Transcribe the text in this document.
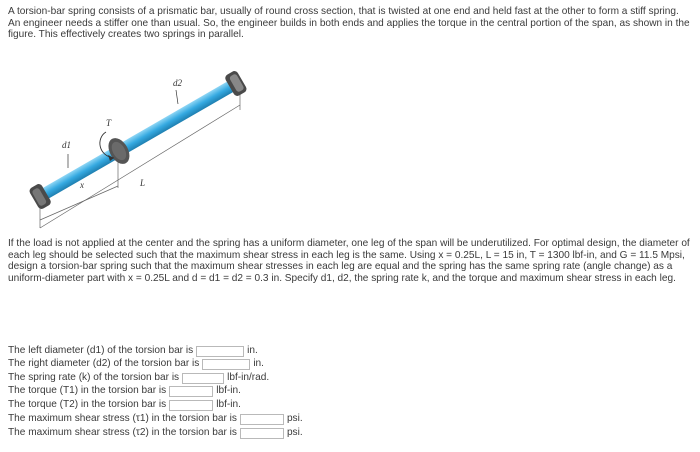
A torsion-bar spring consists of a prismatic bar, usually of round cross section, that is twisted at one end and held fast at the other to form a stiff spring. An engineer needs a stiffer one than usual. So, the engineer builds in both ends and applies the torque in the central portion of the span, as shown in the figure. This effectively creates two springs in parallel.

d2
d1
T
x	L

If the load is not applied at the center and the spring has a uniform diameter, one leg of the span will be underutilized. For optimal design, the diameter of each leg should be selected such that the maximum shear stress in each leg is the same. Using x = 0.25L, L = 15 in, T = 1300 lbf-in, and G = 11.5 Mpsi, design a torsion-bar spring such that the maximum shear stresses in each leg are equal and the spring has the same spring rate (angle change) as a uniform-diameter part with x = 0.25L and d = d1 = d2 = 0.3 in. Specify d1, d2, the spring rate k, and the torque and maximum shear stress in each leg.

The left diameter (d1) of the torsion bar is	in.
The right diameter (d2) of the torsion bar is	in.
The spring rate (k) of the torsion bar is	lbf-in/rad.
The torque (T1) in the torsion bar is	lbf-in.
The torque (T2) in the torsion bar is	lbf-in.
The maximum shear stress (τ1) in the torsion bar is	psi.
The maximum shear stress (τ2) in the torsion bar is	psi.
